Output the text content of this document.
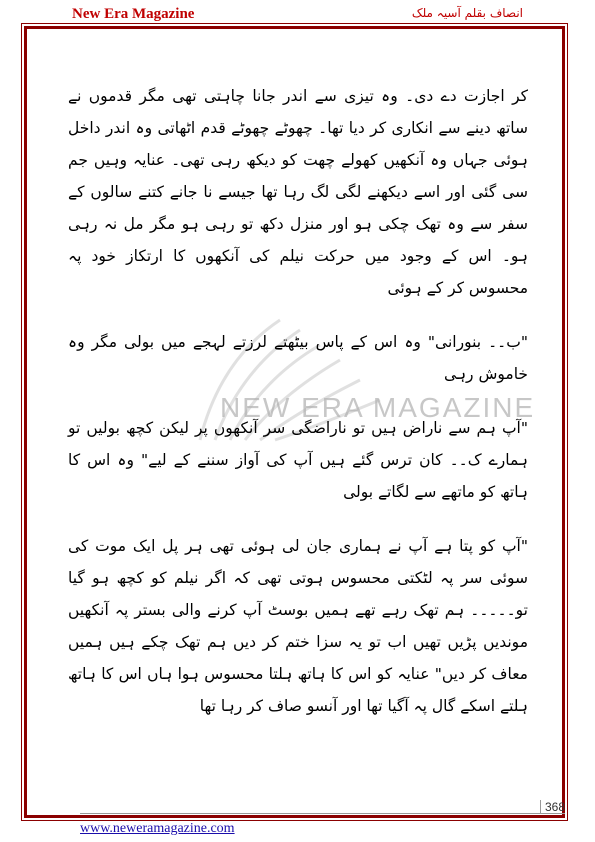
New Era Magazine	انصاف بقلم آسیہ ملک
NEW ERA MAGAZINE

کر اجازت دے دی۔ وہ تیزی سے اندر جانا چاہتی تھی مگر قدموں نے ساتھ دینے سے انکاری کر دیا تھا۔ چھوٹے چھوٹے قدم اٹھاتی وہ اندر داخل ہوئی جہاں وہ آنکھیں کھولے چھت کو دیکھ رہی تھی۔ عنایہ وہیں جم سی گئی اور اسے دیکھنے لگی لگ رہا تھا جیسے نا جانے کتنے سالوں کے سفر سے وہ تھک چکی ہو اور منزل دکھ تو رہی ہو مگر مل نہ رہی ہو۔ اس کے وجود میں حرکت نیلم کی آنکھوں کا ارتکاز خود پہ محسوس کر کے ہوئی

"ب۔۔ بنورانی" وہ اس کے پاس بیٹھتے لرزتے لہجے میں بولی مگر وہ خاموش رہی

"آپ ہم سے ناراض ہیں تو ناراضگی سر آنکھوں پر لیکن کچھ بولیں تو ہمارے ک۔۔ کان ترس گئے ہیں آپ کی آواز سننے کے لیے" وہ اس کا ہاتھ کو ماتھے سے لگاتے بولی

"آپ کو پتا ہے آپ نے ہماری جان لی ہوئی تھی ہر پل ایک موت کی سوئی سر پہ لٹکتی محسوس ہوتی تھی کہ اگر نیلم کو کچھ ہو گیا تو۔۔۔۔۔ ہم تھک رہے تھے ہمیں بوسٹ آپ کرنے والی بستر پہ آنکھیں موندیں پڑیں تھیں اب تو یہ سزا ختم کر دیں ہم تھک چکے ہیں ہمیں معاف کر دیں" عنایہ کو اس کا ہاتھ ہلتا محسوس ہوا ہاں اس کا ہاتھ ہلتے اسکے گال پہ آگیا تھا اور آنسو صاف کر رہا تھا

368
www.neweramagazine.com
